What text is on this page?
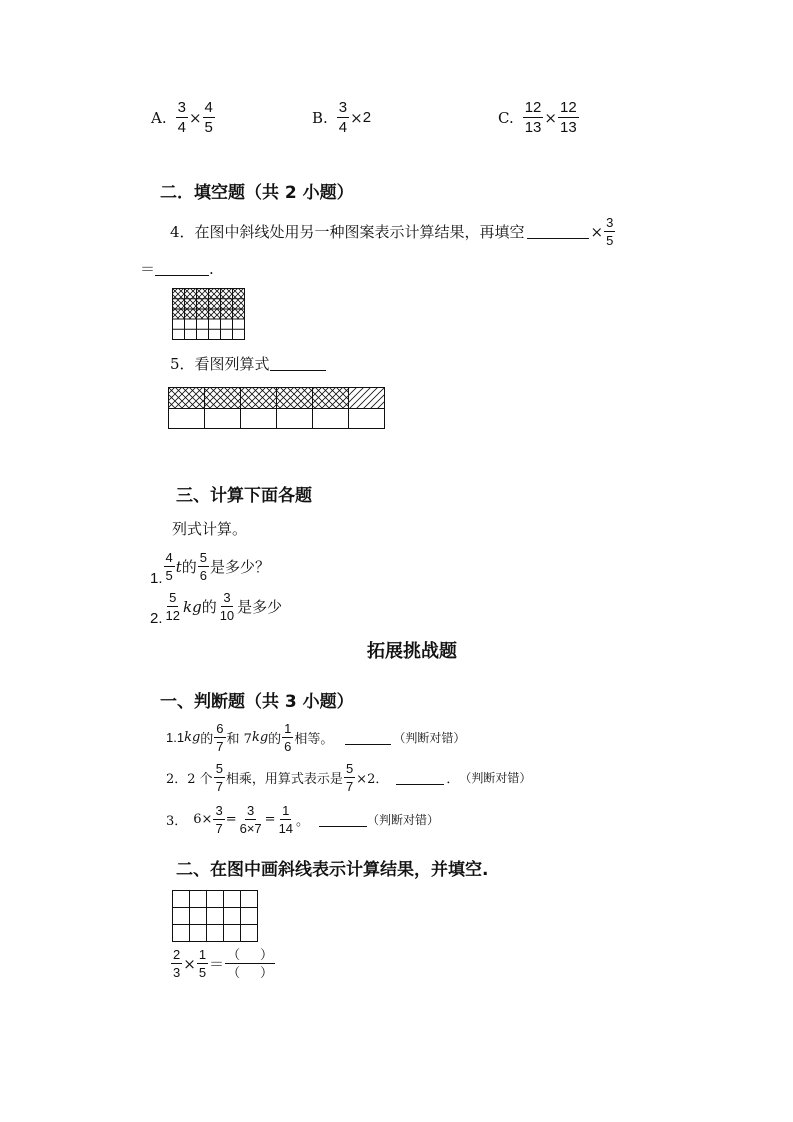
A. $\frac{3}{4} \times \frac{4}{5}$	B. $\frac{3}{4} \times 2$	C. $\frac{12}{13} \times \frac{12}{13}$
二．填空题（共 2 小题）
4．在图中斜线处用另一种图案表示计算结果，再填空	× $\frac{3}{5}$
＝	.
5．看图列算式
三、计算下面各题
列式计算。
1. $\frac{4}{5}$ t 的 $\frac{5}{6}$ 是多少？
2. $\frac{5}{12}$ kg 的 $\frac{3}{10}$ 是多少
拓展挑战题
一、判断题（共 3 小题）
1.1 kg 的 $\frac{6}{7}$ 和 7 kg 的 $\frac{1}{6}$ 相等。	（判断对错）
2．2 个 $\frac{5}{7}$ 相乘，用算式表示是 $\frac{5}{7} \times 2$．	． （判断对错）
3． $6\times \frac{3}{7} = \frac{3}{6\times 7} = \frac{1}{14}$ 。	（判断对错）
二、在图中画斜线表示计算结果，并填空.
$\frac{2}{3} \times \frac{1}{5} = \frac{( )}{( )}$
